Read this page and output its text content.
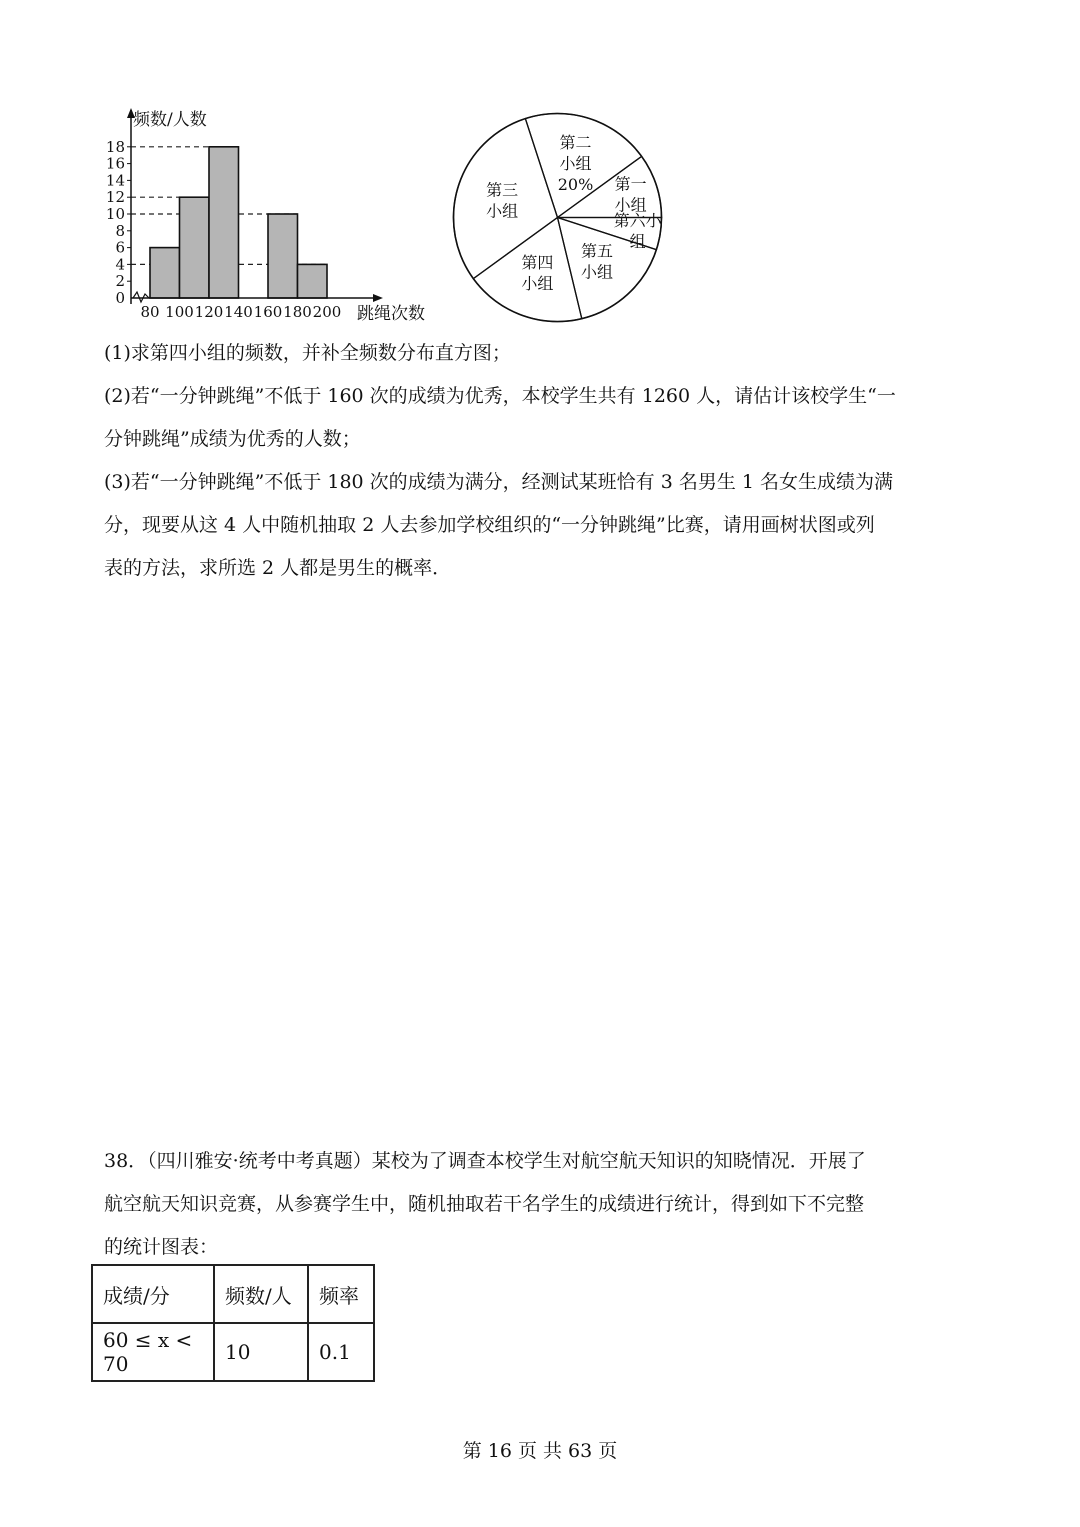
0
2
4
6
8
10
12
14
16
18
80 100 120 140 160 180 200
频数/人数
跳绳次数
第二小组 20% 第一小组
第六小组
第五小组
第四小组
第三小组
(1)求第四小组的频数，并补全频数分布直方图；
(2)若“一分钟跳绳”不低于 160 次的成绩为优秀，本校学生共有 1260 人，请估计该校学生“一
分钟跳绳”成绩为优秀的人数；
(3)若“一分钟跳绳”不低于 180 次的成绩为满分，经测试某班恰有 3 名男生 1 名女生成绩为满
分，现要从这 4 人中随机抽取 2 人去参加学校组织的“一分钟跳绳”比赛，请用画树状图或列
表的方法，求所选 2 人都是男生的概率．
38．（四川雅安·统考中考真题）某校为了调查本校学生对航空航天知识的知晓情况．开展了
航空航天知识竞赛，从参赛学生中，随机抽取若干名学生的成绩进行统计，得到如下不完整
的统计图表：
成绩/分	频数/人	频率
60 ≤ x < 70	10	0.1
第 16 页 共 63 页
